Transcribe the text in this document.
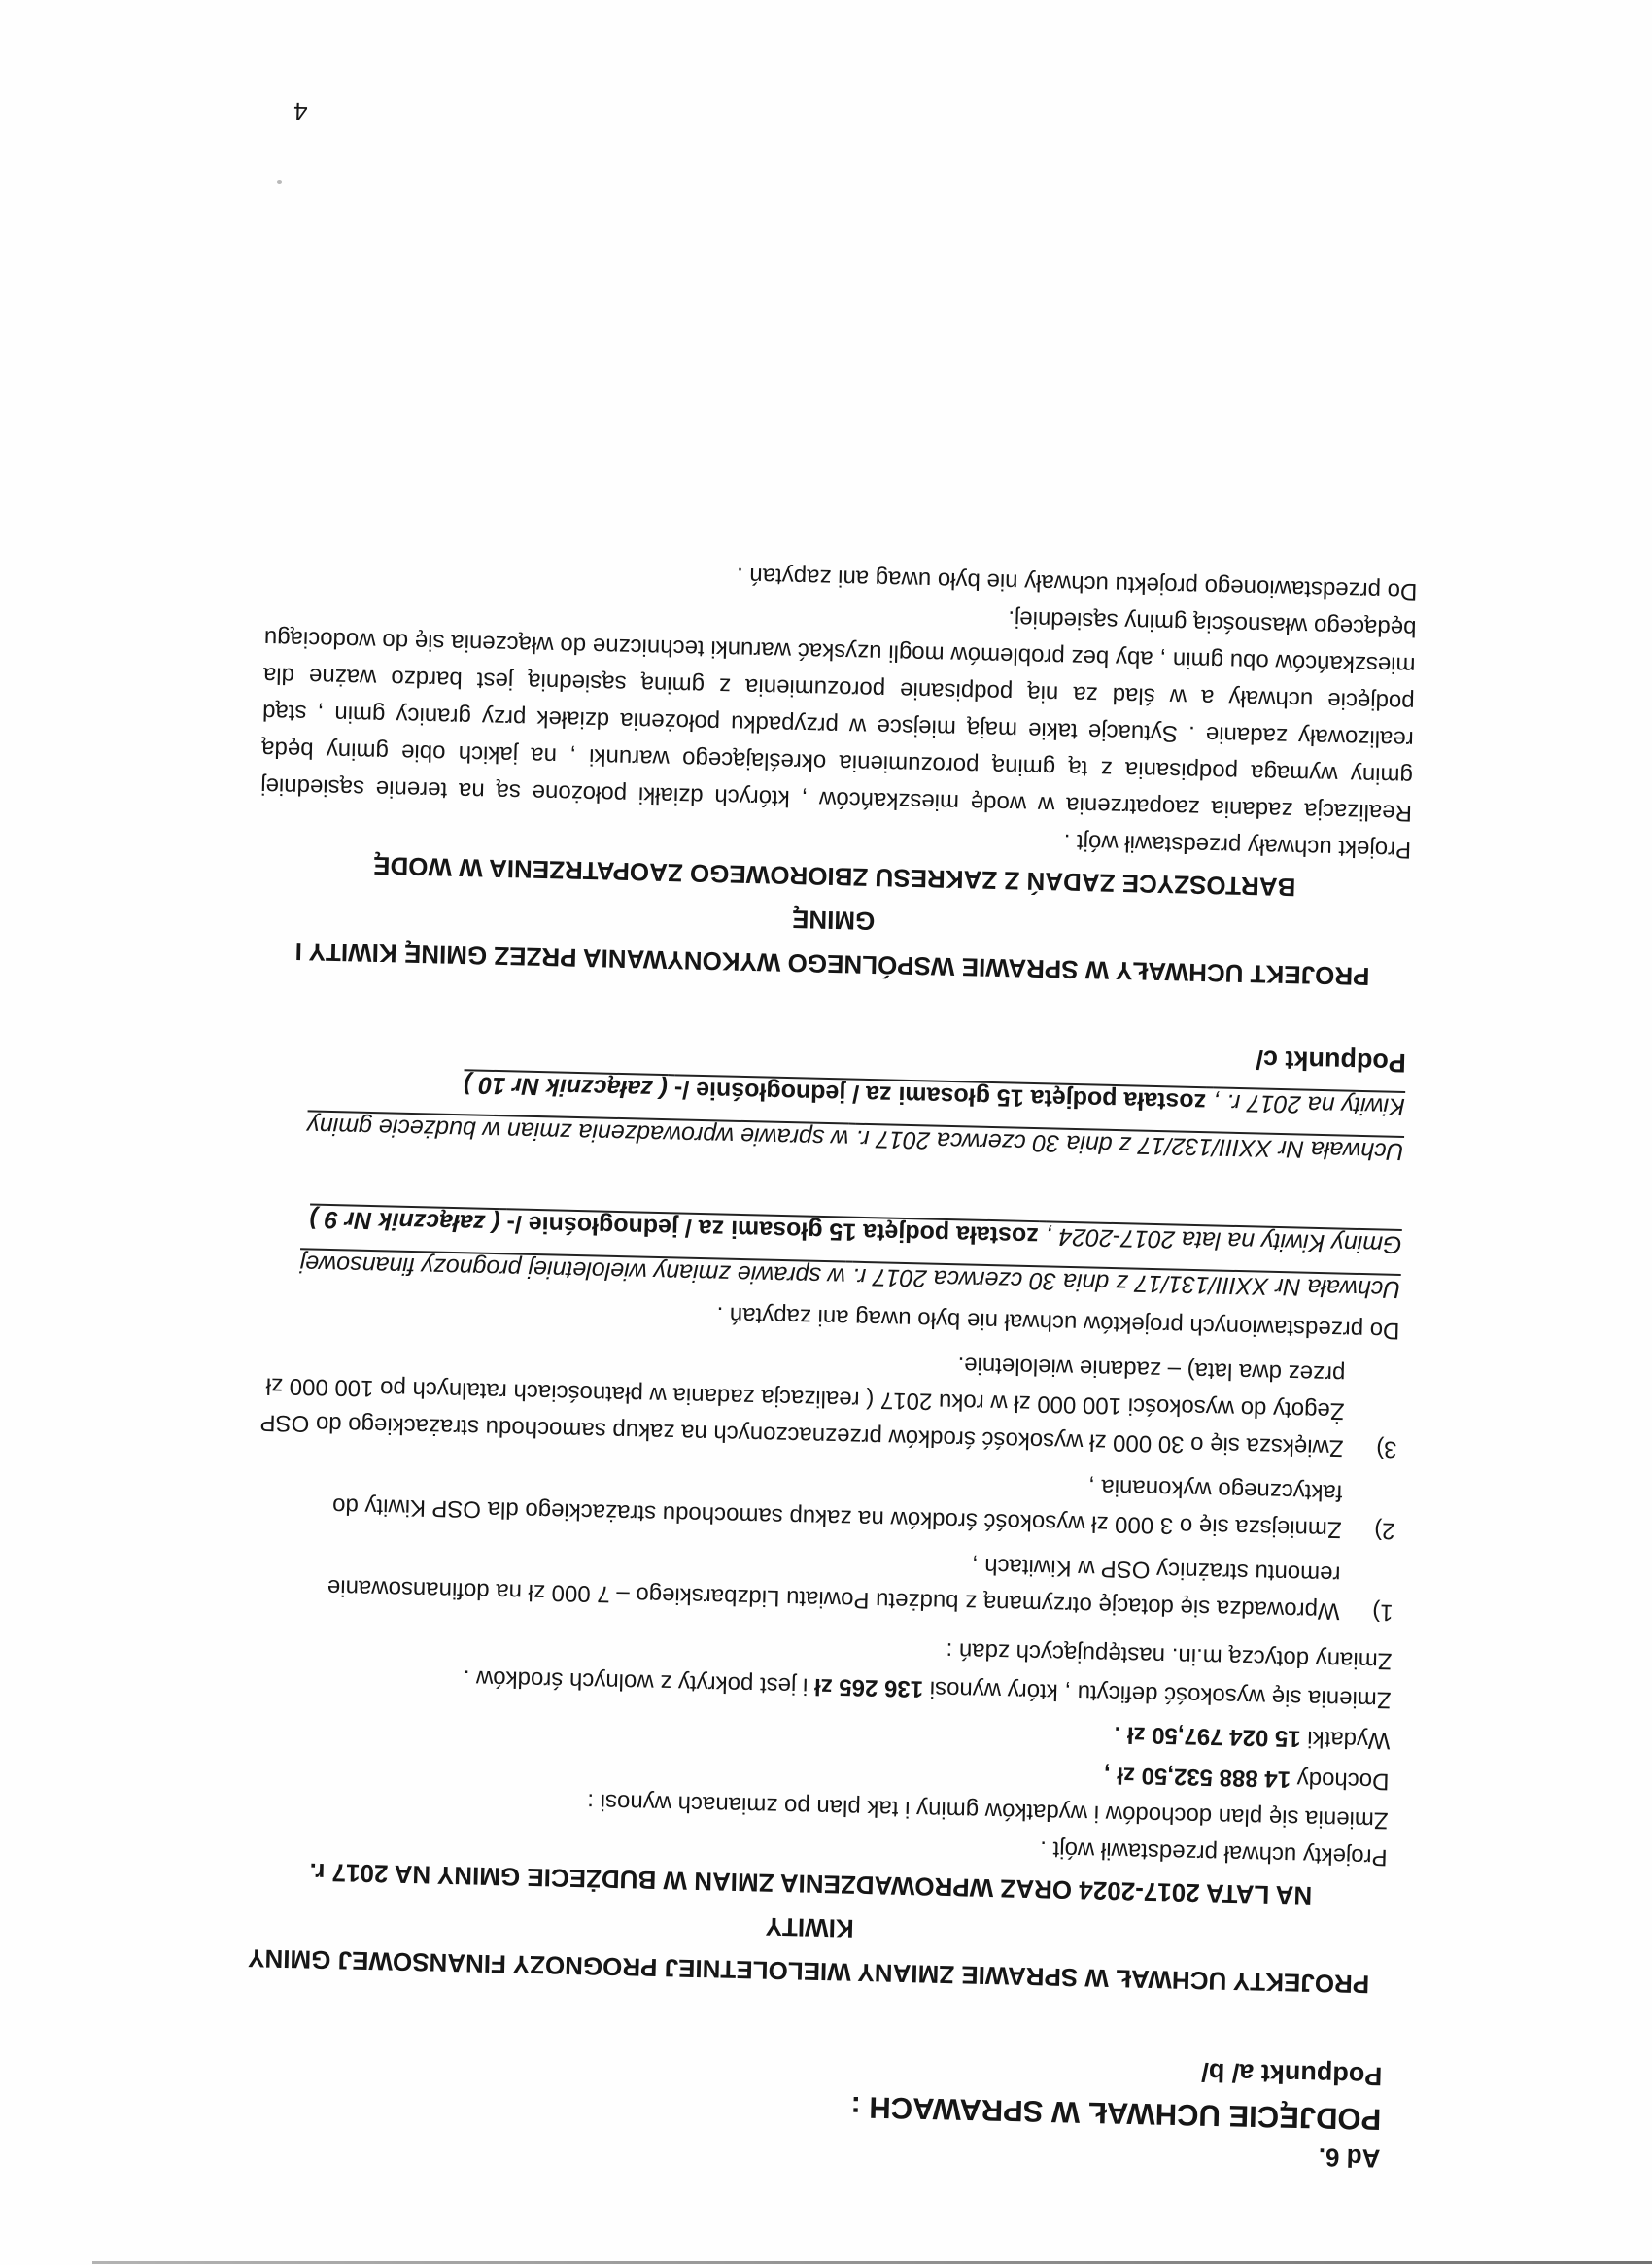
Ad 6.

PODJĘCIE UCHWAŁ W SPRAWACH :

Podpunkt a/ b/

PROJEKTY UCHWAŁ W SPRAWIE ZMIANY WIELOLETNIEJ PROGNOZY FINANSOWEJ GMINY KIWITY
NA LATA 2017-2024 ORAZ WPROWADZENIA ZMIAN W BUDŻECIE GMINY NA 2017 r.

Projekty uchwał przedstawił wójt .

Zmienia się plan dochodów i wydatków gminy i tak plan po zmianach wynosi :

Dochody 14 888 532,50 zł ,

Wydatki 15 024 797,50 zł .

Zmienia się wysokość deficytu , który wynosi 136 265 zł i jest pokryty z wolnych środków .

Zmiany dotyczą m.in. następujących zdań :

1)
Wprowadza się dotację otrzymaną z budżetu Powiatu Lidzbarskiego – 7 000 zł na dofinansowanie remontu strażnicy OSP w Kiwitach ,
2)
Zmniejsza się o 3 000 zł wysokość środków na zakup samochodu strażackiego dla OSP Kiwity do faktycznego wykonania ,
3)
Zwiększa się o 30 000 zł wysokość środków przeznaczonych na zakup samochodu strażackiego do OSP Żegoty do wysokości 100 000 zł w roku 2017 ( realizacja zadania w płatnościach ratalnych po 100 000 zł przez dwa lata) – zadanie wieloletnie.

Do przedstawionych projektów uchwał nie było uwag ani zapytań .

Uchwała Nr XXIII/131/17 z dnia 30 czerwca 2017 r. w sprawie zmiany wieloletniej prognozy finansowej Gminy Kiwity na lata 2017-2024 , została podjęta 15 głosami za / jednogłośnie /- ( załącznik Nr 9 )

Uchwała Nr XXIII/132/17 z dnia 30 czerwca 2017 r. w sprawie wprowadzenia zmian w budżecie gminy Kiwity na 2017 r. , została podjęta 15 głosami za / jednogłośnie /- ( załącznik Nr 10 )

Podpunkt c/

PROJEKT UCHWAŁY W SPRAWIE WSPÓLNEGO WYKONYWANIA PRZEZ GMINĘ KIWITY I GMINĘ
BARTOSZYCE ZADAŃ Z ZAKRESU ZBIOROWEGO ZAOPATRZENIA W WODĘ

Projekt uchwały przedstawił wójt .

Realizacja zadania zaopatrzenia w wodę mieszkańców , których działki położone są na terenie sąsiedniej gminy wymaga podpisania z tą gminą porozumienia określającego warunki , na jakich obie gminy będą realizowały zadanie . Sytuacje takie mają miejsce w przypadku położenia działek przy granicy gmin , stąd podjęcie uchwały a w ślad za nią podpisanie porozumienia z gminą sąsiednią jest bardzo ważne dla mieszkańców obu gmin , aby bez problemów mogli uzyskać warunki techniczne do włączenia się do wodociągu będącego własnością gminy sąsiedniej.

Do przedstawionego projektu uchwały nie było uwag ani zapytań .

4
